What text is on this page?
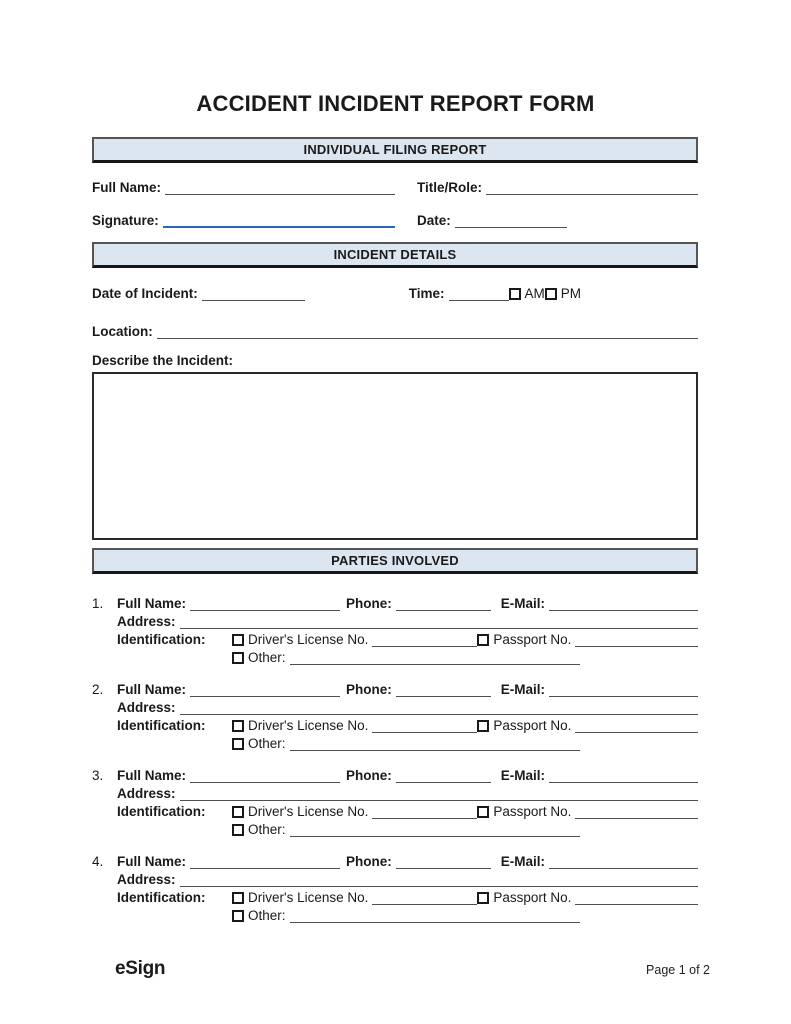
ACCIDENT INCIDENT REPORT FORM
INDIVIDUAL FILING REPORT
Full Name:	Title/Role:
Signature:	Date:
INCIDENT DETAILS
Date of Incident:	Time:	AM PM
Location:
Describe the Incident:
PARTIES INVOLVED
1.	Full Name:	Phone:	E-Mail:
Address:
Identification:	Driver's License No.	Passport No.
Other:
2.	Full Name:	Phone:	E-Mail:
Address:
Identification:	Driver's License No.	Passport No.
Other:
3.	Full Name:	Phone:	E-Mail:
Address:
Identification:	Driver's License No.	Passport No.
Other:
4.	Full Name:	Phone:	E-Mail:
Address:
Identification:	Driver's License No.	Passport No.
Other:
eSign	Page 1 of 2
